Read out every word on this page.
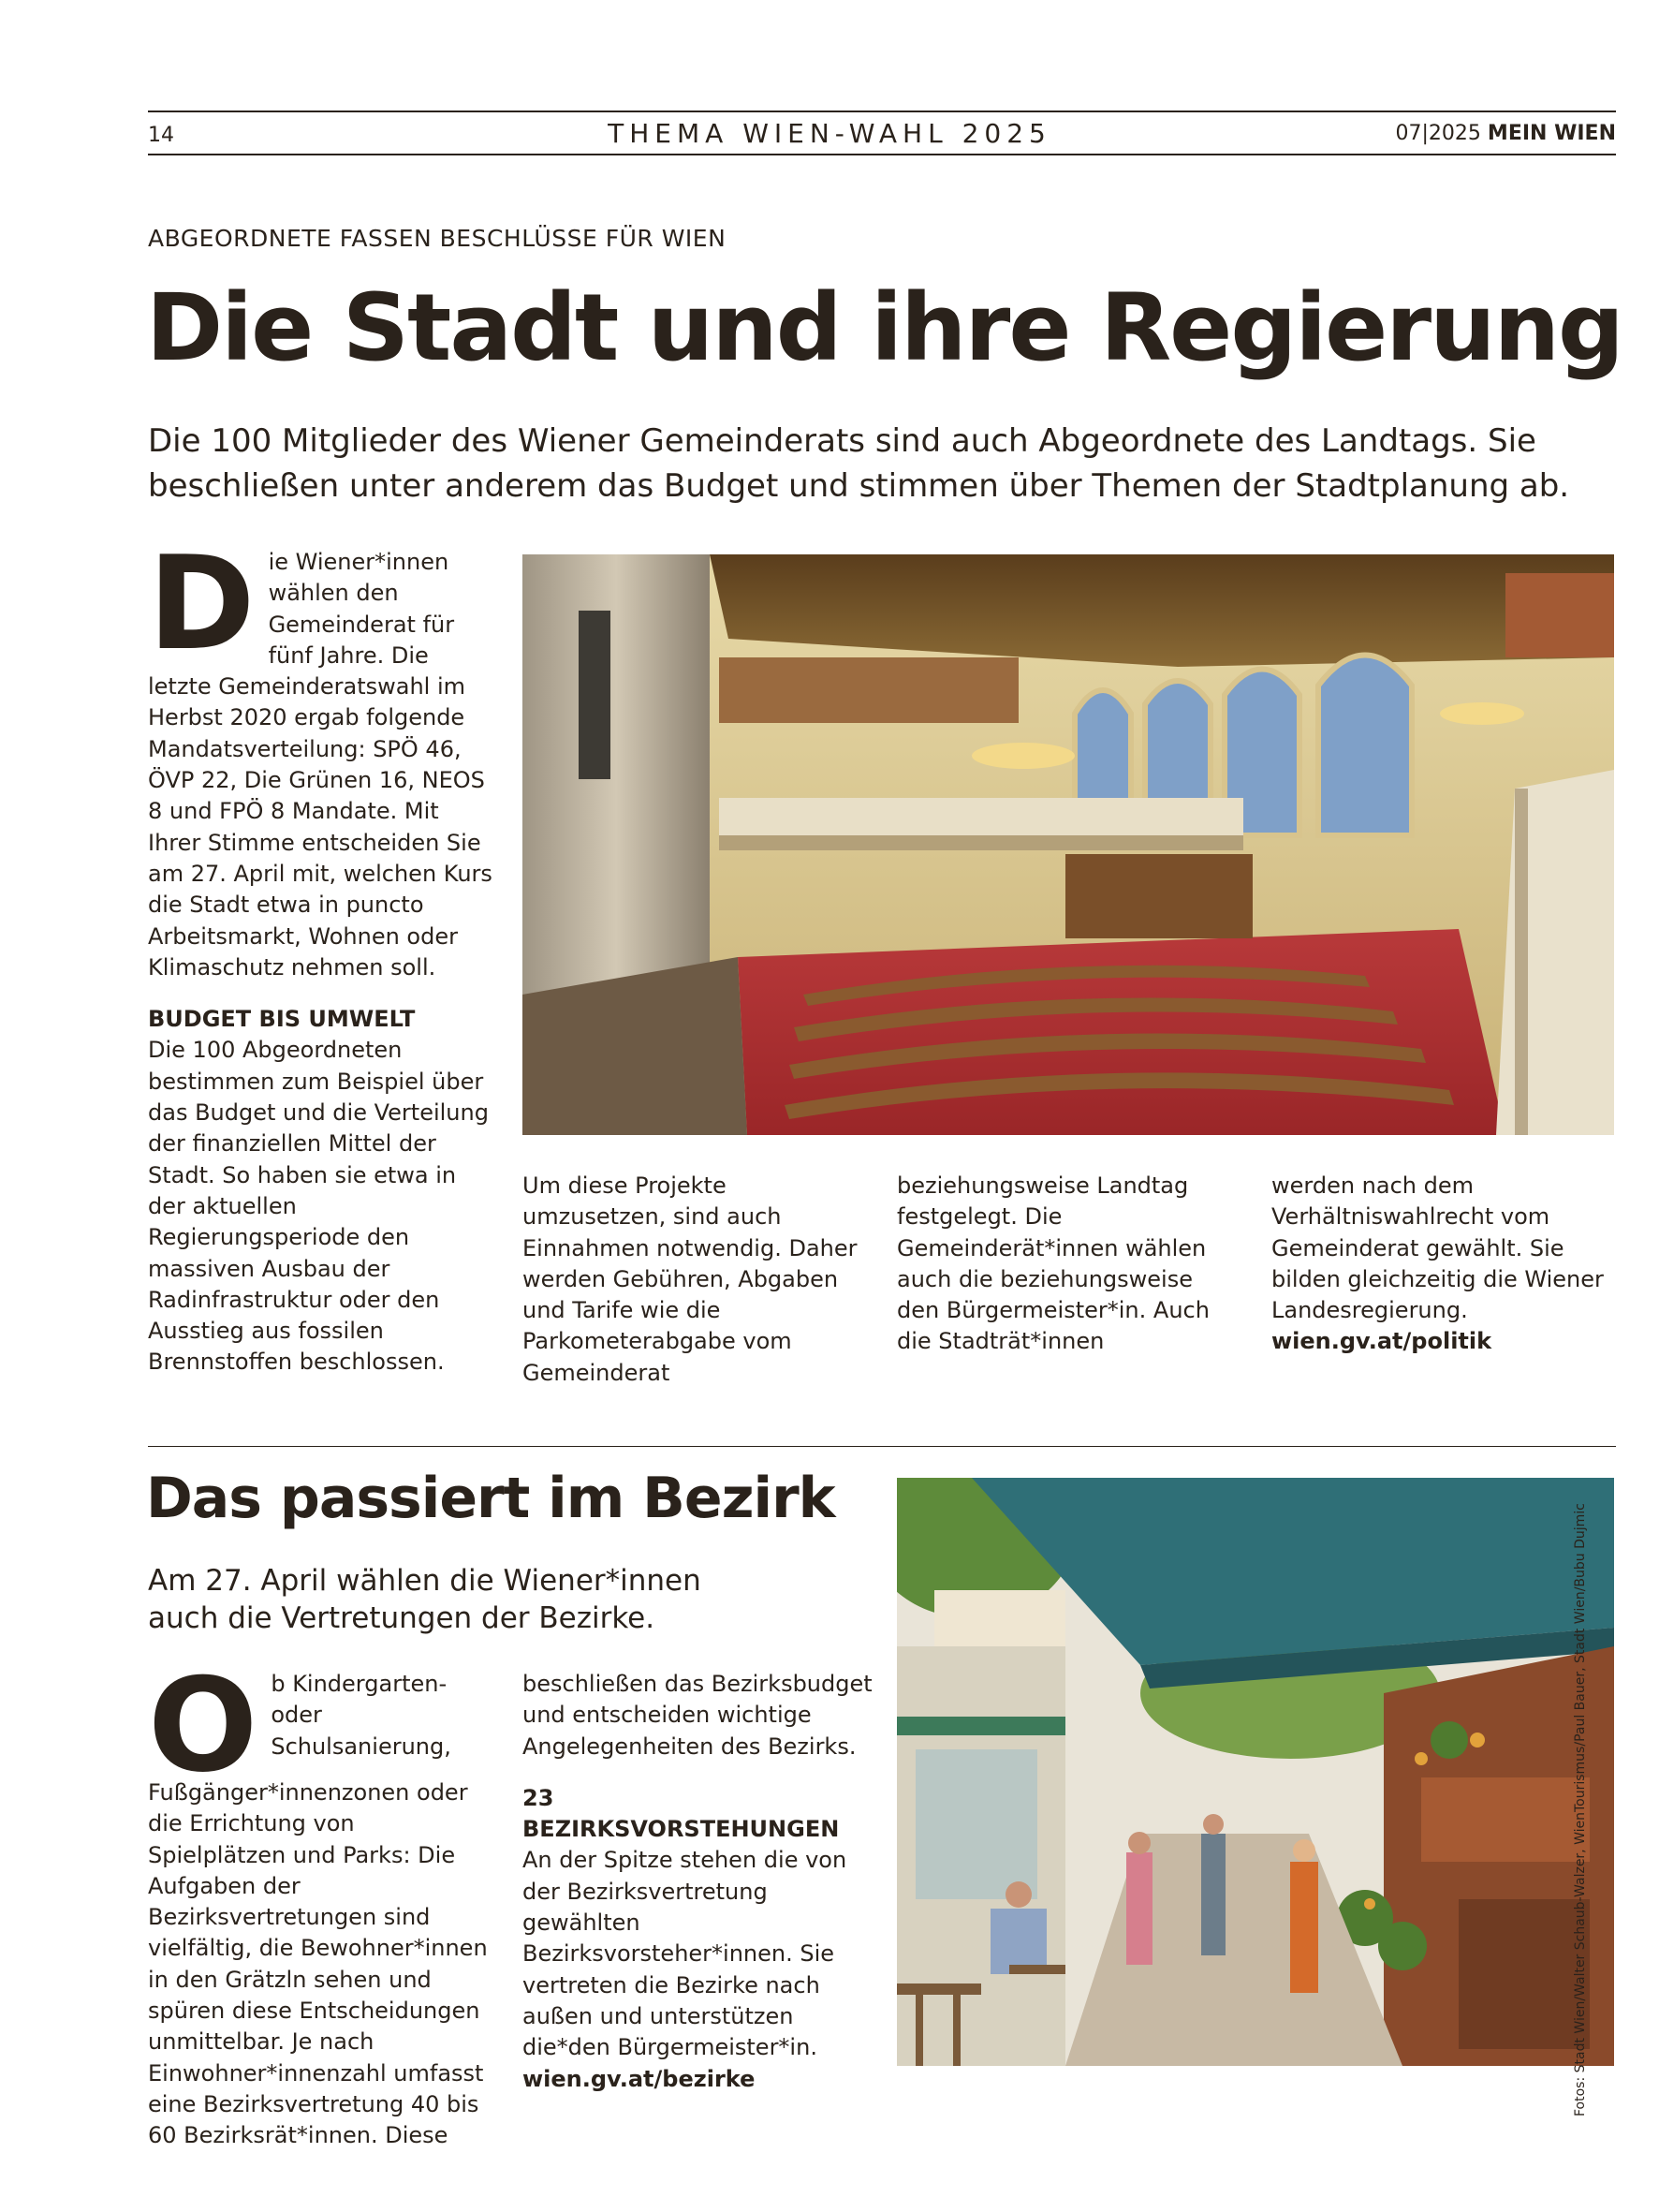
14	THEMA WIEN-WAHL 2025	07|2025 MEIN WIEN
ABGEORDNETE FASSEN BESCHLÜSSE FÜR WIEN
Die Stadt und ihre Regierung
Die 100 Mitglieder des Wiener Gemeinderats sind auch Abgeordnete des Landtags. Sie beschließen unter anderem das Budget und stimmen über Themen der Stadtplanung ab.

Die Wiener*innen wählen den Gemeinderat für fünf Jahre. Die letzte Gemeinderatswahl im Herbst 2020 ergab folgende Mandatsverteilung: SPÖ 46, ÖVP 22, Die Grünen 16, NEOS 8 und FPÖ 8 Mandate. Mit Ihrer Stimme entscheiden Sie am 27. April mit, welchen Kurs die Stadt etwa in puncto Arbeitsmarkt, Wohnen oder Klimaschutz nehmen soll.

BUDGET BIS UMWELT

Die 100 Abgeordneten bestimmen zum Beispiel über das Budget und die Verteilung der finanziellen Mittel der Stadt. So haben sie etwa in der aktuellen Regierungsperiode den massiven Ausbau der Radinfrastruktur oder den Ausstieg aus fossilen Brennstoffen beschlossen.

Um diese Projekte umzusetzen, sind auch Einnahmen notwendig. Daher werden Gebühren, Abgaben und Tarife wie die Parkometerabgabe vom Gemeinderat

beziehungsweise Landtag festgelegt. Die Gemeinderät*innen wählen auch die beziehungsweise den Bürgermeister*in. Auch die Stadträt*innen

werden nach dem Verhältniswahlrecht vom Gemeinderat gewählt. Sie bilden gleichzeitig die Wiener Landesregierung.

wien.gv.at/politik

Das passiert im Bezirk
Am 27. April wählen die Wiener*innen auch die Vertretungen der Bezirke.

Ob Kindergarten- oder Schulsanierung, Fußgänger*innenzonen oder die Errichtung von Spielplätzen und Parks: Die Aufgaben der Bezirksvertretungen sind vielfältig, die Bewohner*innen in den Grätzln sehen und spüren diese Entscheidungen unmittelbar. Je nach Einwohner*innenzahl umfasst eine Bezirksvertretung 40 bis 60 Bezirksrät*innen. Diese

beschließen das Bezirksbudget und entscheiden wichtige Angelegenheiten des Bezirks.

23 BEZIRKSVORSTEHUNGEN

An der Spitze stehen die von der Bezirksvertretung gewählten Bezirksvorsteher*innen. Sie vertreten die Bezirke nach außen und unterstützen die*den Bürgermeister*in.

wien.gv.at/bezirke	Fotos: Stadt Wien/Walter Schaub-Walzer, WienTourismus/Paul Bauer, Stadt Wien/Bubu Dujmic
